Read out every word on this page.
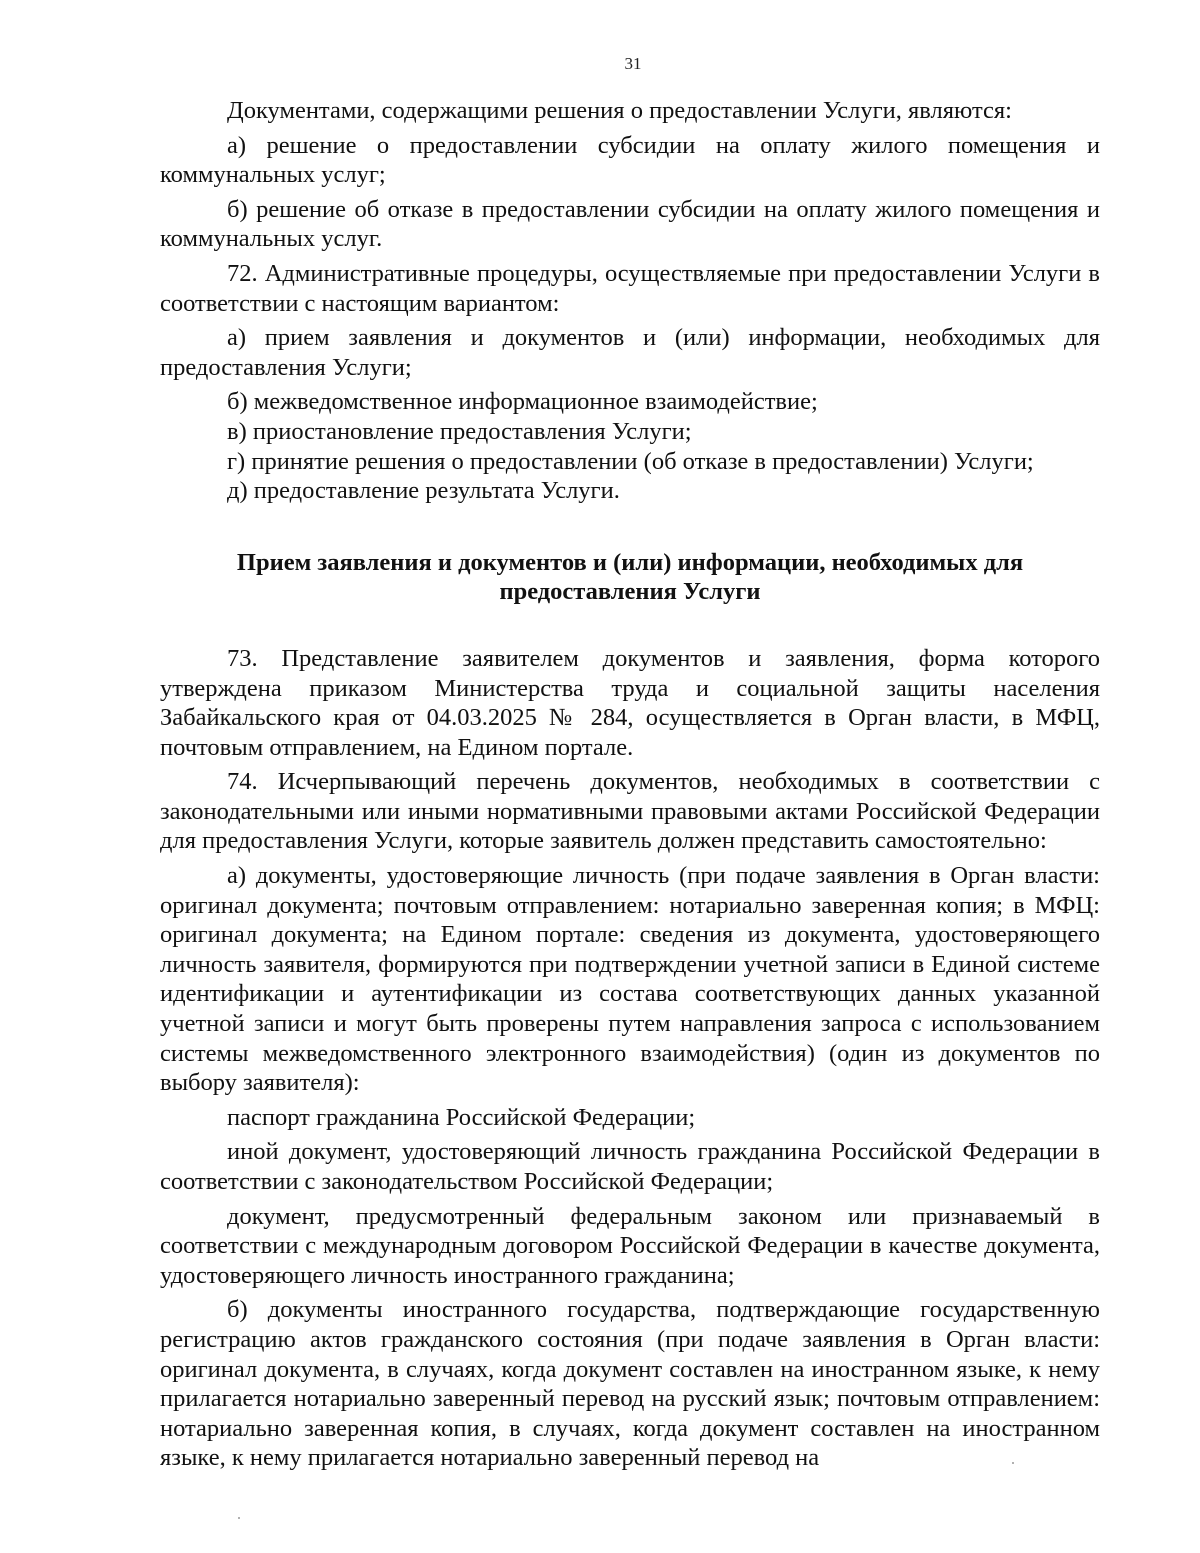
31

Документами, содержащими решения о предоставлении Услуги, являются:

а) решение о предоставлении субсидии на оплату жилого помещения и коммунальных услуг;

б) решение об отказе в предоставлении субсидии на оплату жилого помещения и коммунальных услуг.

72. Административные процедуры, осуществляемые при предоставлении Услуги в соответствии с настоящим вариантом:

а) прием заявления и документов и (или) информации, необходимых для предоставления Услуги;

б) межведомственное информационное взаимодействие;

в) приостановление предоставления Услуги;

г) принятие решения о предоставлении (об отказе в предоставлении) Услуги;

д) предоставление результата Услуги.

Прием заявления и документов и (или) информации, необходимых для
предоставления Услуги

73. Представление заявителем документов и заявления, форма которого утверждена приказом Министерства труда и социальной защиты населения Забайкальского края от 04.03.2025 № 284, осуществляется в Орган власти, в МФЦ, почтовым отправлением, на Едином портале.

74. Исчерпывающий перечень документов, необходимых в соответствии с законодательными или иными нормативными правовыми актами Российской Федерации для предоставления Услуги, которые заявитель должен представить самостоятельно:

а) документы, удостоверяющие личность (при подаче заявления в Орган власти: оригинал документа; почтовым отправлением: нотариально заверенная копия; в МФЦ: оригинал документа; на Едином портале: сведения из документа, удостоверяющего личность заявителя, формируются при подтверждении учетной записи в Единой системе идентификации и аутентификации из состава соответствующих данных указанной учетной записи и могут быть проверены путем направления запроса с использованием системы межведомственного электронного взаимодействия) (один из документов по выбору заявителя):

паспорт гражданина Российской Федерации;

иной документ, удостоверяющий личность гражданина Российской Федерации в соответствии с законодательством Российской Федерации;

документ, предусмотренный федеральным законом или признаваемый в соответствии с международным договором Российской Федерации в качестве документа, удостоверяющего личность иностранного гражданина;

б) документы иностранного государства, подтверждающие государственную регистрацию актов гражданского состояния (при подаче заявления в Орган власти: оригинал документа, в случаях, когда документ составлен на иностранном языке, к нему прилагается нотариально заверенный перевод на русский язык; почтовым отправлением: нотариально заверенная копия, в случаях, когда документ составлен на иностранном языке, к нему прилагается нотариально заверенный перевод на
